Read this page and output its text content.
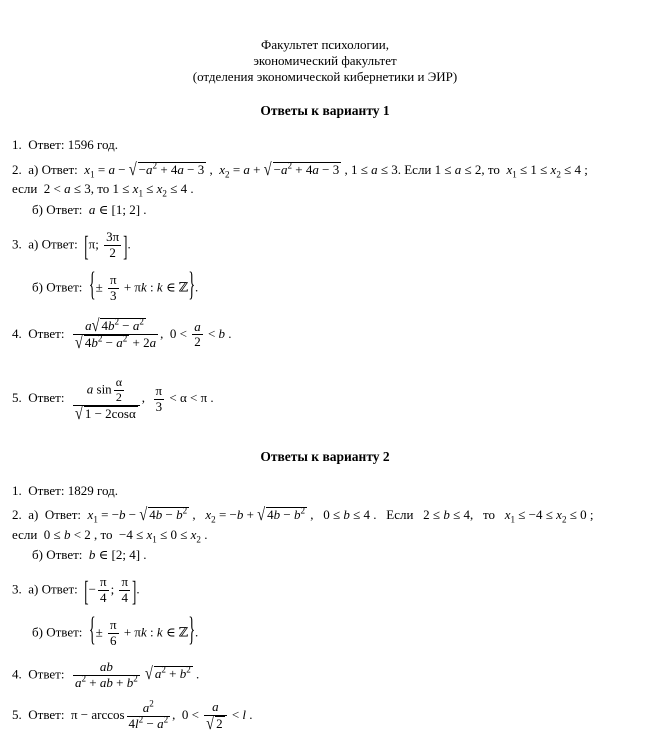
Факультет психологии,
экономический факультет
(отделения экономической кибернетики и ЭИР)
Ответы к варианту 1
1.  Ответ: 1596 год.
2.  а) Ответ:  $x_1 = a$ − √ $-a^2 + 4a - 3$ ,  $x_2 = a$ + √ $-a^2 + 4a - 3$ , 1 ≤ a ≤ 3. Если 1 ≤ a ≤ 2, то  $x_1 \le 1 \le x_2 \le 4$ ;
если  2 < a ≤ 3, то $1 \le x_1 \le x_2 \le 4$ .
б) Ответ:  a ∈ [1; 2] .
3.  а) Ответ:  [π; $\frac{3\pi}{2}$ ].
б) Ответ:  {± $\frac{\pi}{3} + \pi k$ : k ∈ ℤ}.
4.  Ответ: $\frac{a√ 4b^2 - a^2}{√ 4b^2 - a^2 + 2a}$ ,  $0 < \frac{a}{2} < b$ .
5.  Ответ: $\frac{a \sin \frac{\alpha}{2}}{√ 1 - 2\cos\alpha}$ , $\frac{\pi}{3} < \alpha < \pi$ .
Ответы к варианту 2
1.  Ответ: 1829 год.
2.  а)  Ответ:  $x_1 = -b$ − √ $4b - b^2$ ,   $x_2 = -b$ + √ $4b - b^2$ ,   0 ≤ b ≤ 4 .   Если   2 ≤ b ≤ 4,   то   $x_1 \le -4 \le x_2 \le 0$ ;
если  0 ≤ b < 2 , то  $-4 \le x_1 \le 0 \le x_2$ .
б) Ответ:  b ∈ [2; 4] .
3.  а) Ответ:  [− $\frac{\pi}{4}$ ; $\frac{\pi}{4}$ ].
б) Ответ:  {± $\frac{\pi}{6} + \pi k$ : k ∈ ℤ}.
4.  Ответ: $\frac{ab}{a^2 + ab + b^2}$ √ $a^2 + b^2$ .
5.  Ответ:  $\pi - \arccos \frac{a^2}{4l^2 - a^2}$ ,  $0 < \frac{a}{√ 2} < l$ .
